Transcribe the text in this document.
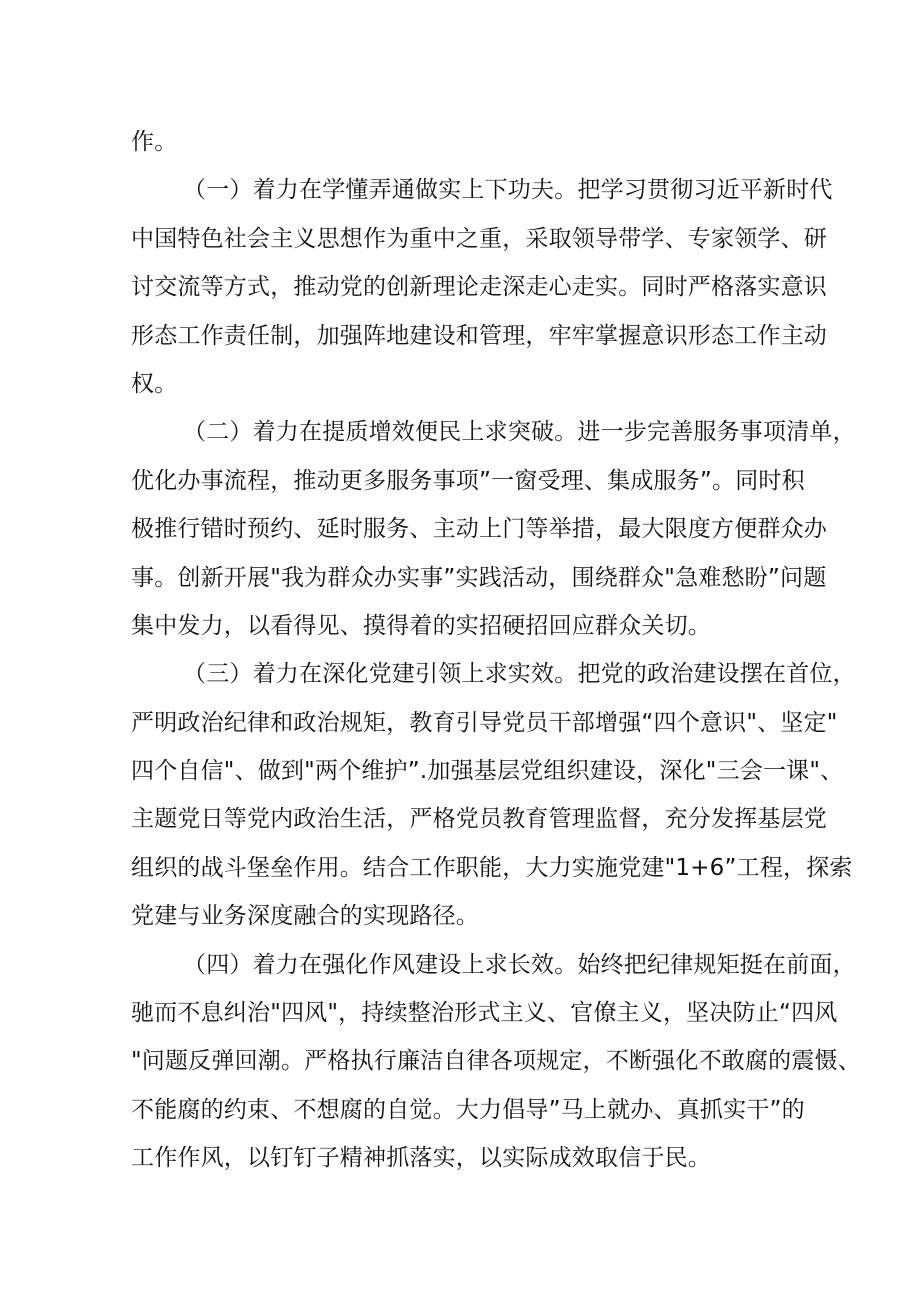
作。
（一）着力在学懂弄通做实上下功夫。把学习贯彻习近平新时代
中国特色社会主义思想作为重中之重，采取领导带学、专家领学、研
讨交流等方式，推动党的创新理论走深走心走实。同时严格落实意识
形态工作责任制，加强阵地建设和管理，牢牢掌握意识形态工作主动
权。
（二）着力在提质增效便民上求突破。进一步完善服务事项清单，
优化办事流程，推动更多服务事项”一窗受理、集成服务”。同时积
极推行错时预约、延时服务、主动上门等举措，最大限度方便群众办
事。创新开展"我为群众办实事”实践活动，围绕群众"急难愁盼”问题
集中发力，以看得见、摸得着的实招硬招回应群众关切。
（三）着力在深化党建引领上求实效。把党的政治建设摆在首位，
严明政治纪律和政治规矩，教育引导党员干部增强“四个意识"、坚定"
四个自信"、做到"两个维护”.加强基层党组织建设，深化"三会一课"、
主题党日等党内政治生活，严格党员教育管理监督，充分发挥基层党
组织的战斗堡垒作用。结合工作职能，大力实施党建"1+6”工程，探索
党建与业务深度融合的实现路径。
（四）着力在强化作风建设上求长效。始终把纪律规矩挺在前面，
驰而不息纠治"四风"，持续整治形式主义、官僚主义，坚决防止“四风
"问题反弹回潮。严格执行廉洁自律各项规定，不断强化不敢腐的震慑、
不能腐的约束、不想腐的自觉。大力倡导”马上就办、真抓实干”的
工作作风，以钉钉子精神抓落实，以实际成效取信于民。
